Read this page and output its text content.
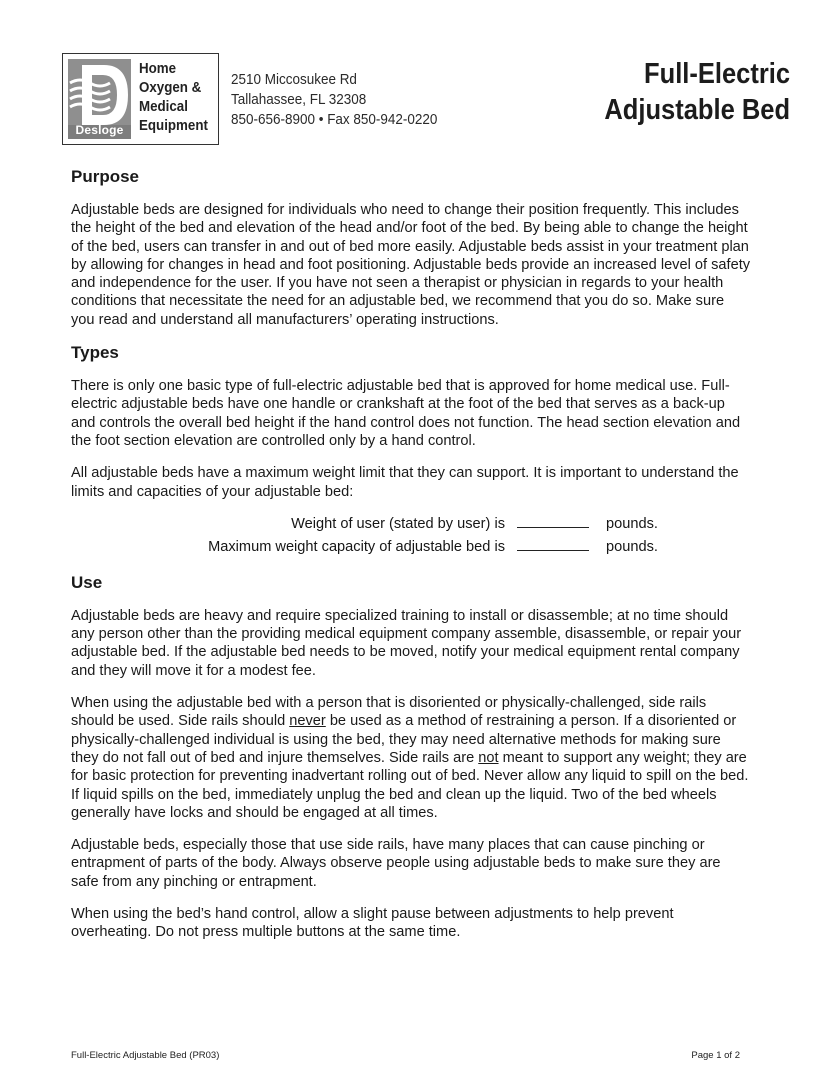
Desloge
Home
Oxygen &
Medical
Equipment
2510 Miccosukee Rd
Tallahassee, FL 32308
850-656-8900 • Fax 850-942-0220
Full-Electric
Adjustable Bed
Purpose

Adjustable beds are designed for individuals who need to change their position frequently. This includes the height of the bed and elevation of the head and/or foot of the bed. By being able to change the height of the bed, users can transfer in and out of bed more easily. Adjustable beds assist in your treatment plan by allowing for changes in head and foot positioning. Adjustable beds provide an increased level of safety and independence for the user. If you have not seen a therapist or physician in regards to your health conditions that necessitate the need for an adjustable bed, we recommend that you do so. Make sure you read and understand all manufacturers’ operating instructions.

Types

There is only one basic type of full-electric adjustable bed that is approved for home medical use. Full-electric adjustable beds have one handle or crankshaft at the foot of the bed that serves as a back-up and controls the overall bed height if the hand control does not function. The head section elevation and the foot section elevation are controlled only by a hand control.

All adjustable beds have a maximum weight limit that they can support. It is important to understand the limits and capacities of your adjustable bed:

Weight of user (stated by user) is	pounds.
Maximum weight capacity of adjustable bed is	pounds.
Use

Adjustable beds are heavy and require specialized training to install or disassemble; at no time should any person other than the providing medical equipment company assemble, disassemble, or repair your adjustable bed. If the adjustable bed needs to be moved, notify your medical equipment rental company and they will move it for a modest fee.

When using the adjustable bed with a person that is disoriented or physically-challenged, side rails should be used. Side rails should never be used as a method of restraining a person. If a disoriented or physically-challenged individual is using the bed, they may need alternative methods for making sure they do not fall out of bed and injure themselves. Side rails are not meant to support any weight; they are for basic protection for preventing inadvertant rolling out of bed. Never allow any liquid to spill on the bed. If liquid spills on the bed, immediately unplug the bed and clean up the liquid. Two of the bed wheels generally have locks and should be engaged at all times.

Adjustable beds, especially those that use side rails, have many places that can cause pinching or entrapment of parts of the body. Always observe people using adjustable beds to make sure they are safe from any pinching or entrapment.

When using the bed’s hand control, allow a slight pause between adjustments to help prevent overheating. Do not press multiple buttons at the same time.

Full-Electric Adjustable Bed (PR03)	Page 1 of 2
